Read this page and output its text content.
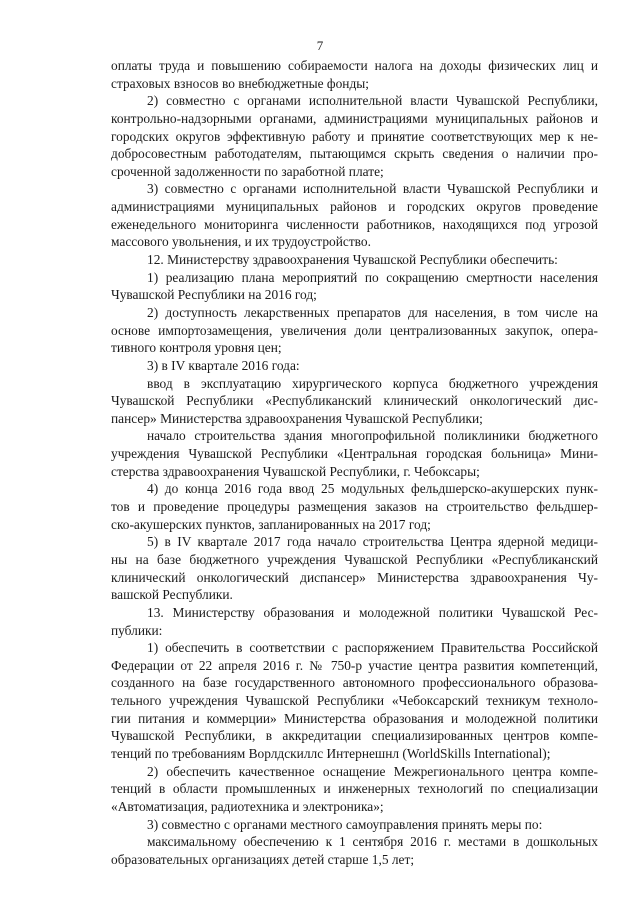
7
оплаты труда и повышению собираемости налога на доходы физических лиц и
страховых взносов во внебюджетные фонды;
2) совместно с органами исполнительной власти Чувашской Республики,
контрольно-надзорными органами, администрациями муниципальных районов и
городских округов эффективную работу и принятие соответствующих мер к не-
добросовестным работодателям, пытающимся скрыть сведения о наличии про-
сроченной задолженности по заработной плате;
3) совместно с органами исполнительной власти Чувашской Республики и
администрациями муниципальных районов и городских округов проведение
еженедельного мониторинга численности работников, находящихся под угрозой
массового увольнения, и их трудоустройство.
12. Министерству здравоохранения Чувашской Республики обеспечить:
1) реализацию плана мероприятий по сокращению смертности населения
Чувашской Республики на 2016 год;
2) доступность лекарственных препаратов для населения, в том числе на
основе импортозамещения, увеличения доли централизованных закупок, опера-
тивного контроля уровня цен;
3) в IV квартале 2016 года:
ввод в эксплуатацию хирургического корпуса бюджетного учреждения
Чувашской Республики «Республиканский клинический онкологический дис-
пансер» Министерства здравоохранения Чувашской Республики;
начало строительства здания многопрофильной поликлиники бюджетного
учреждения Чувашской Республики «Центральная городская больница» Мини-
стерства здравоохранения Чувашской Республики, г. Чебоксары;
4) до конца 2016 года ввод 25 модульных фельдшерско-акушерских пунк-
тов и проведение процедуры размещения заказов на строительство фельдшер-
ско-акушерских пунктов, запланированных на 2017 год;
5) в IV квартале 2017 года начало строительства Центра ядерной медици-
ны на базе бюджетного учреждения Чувашской Республики «Республиканский
клинический онкологический диспансер» Министерства здравоохранения Чу-
вашской Республики.
13. Министерству образования и молодежной политики Чувашской Рес-
публики:
1) обеспечить в соответствии с распоряжением Правительства Российской
Федерации от 22 апреля 2016 г. № 750-р участие центра развития компетенций,
созданного на базе государственного автономного профессионального образова-
тельного учреждения Чувашской Республики «Чебоксарский техникум техноло-
гии питания и коммерции» Министерства образования и молодежной политики
Чувашской Республики, в аккредитации специализированных центров компе-
тенций по требованиям Ворлдскиллс Интернешнл (WorldSkills International);
2) обеспечить качественное оснащение Межрегионального центра компе-
тенций в области промышленных и инженерных технологий по специализации
«Автоматизация, радиотехника и электроника»;
3) совместно с органами местного самоуправления принять меры по:
максимальному обеспечению к 1 сентября 2016 г. местами в дошкольных
образовательных организациях детей старше 1,5 лет;
